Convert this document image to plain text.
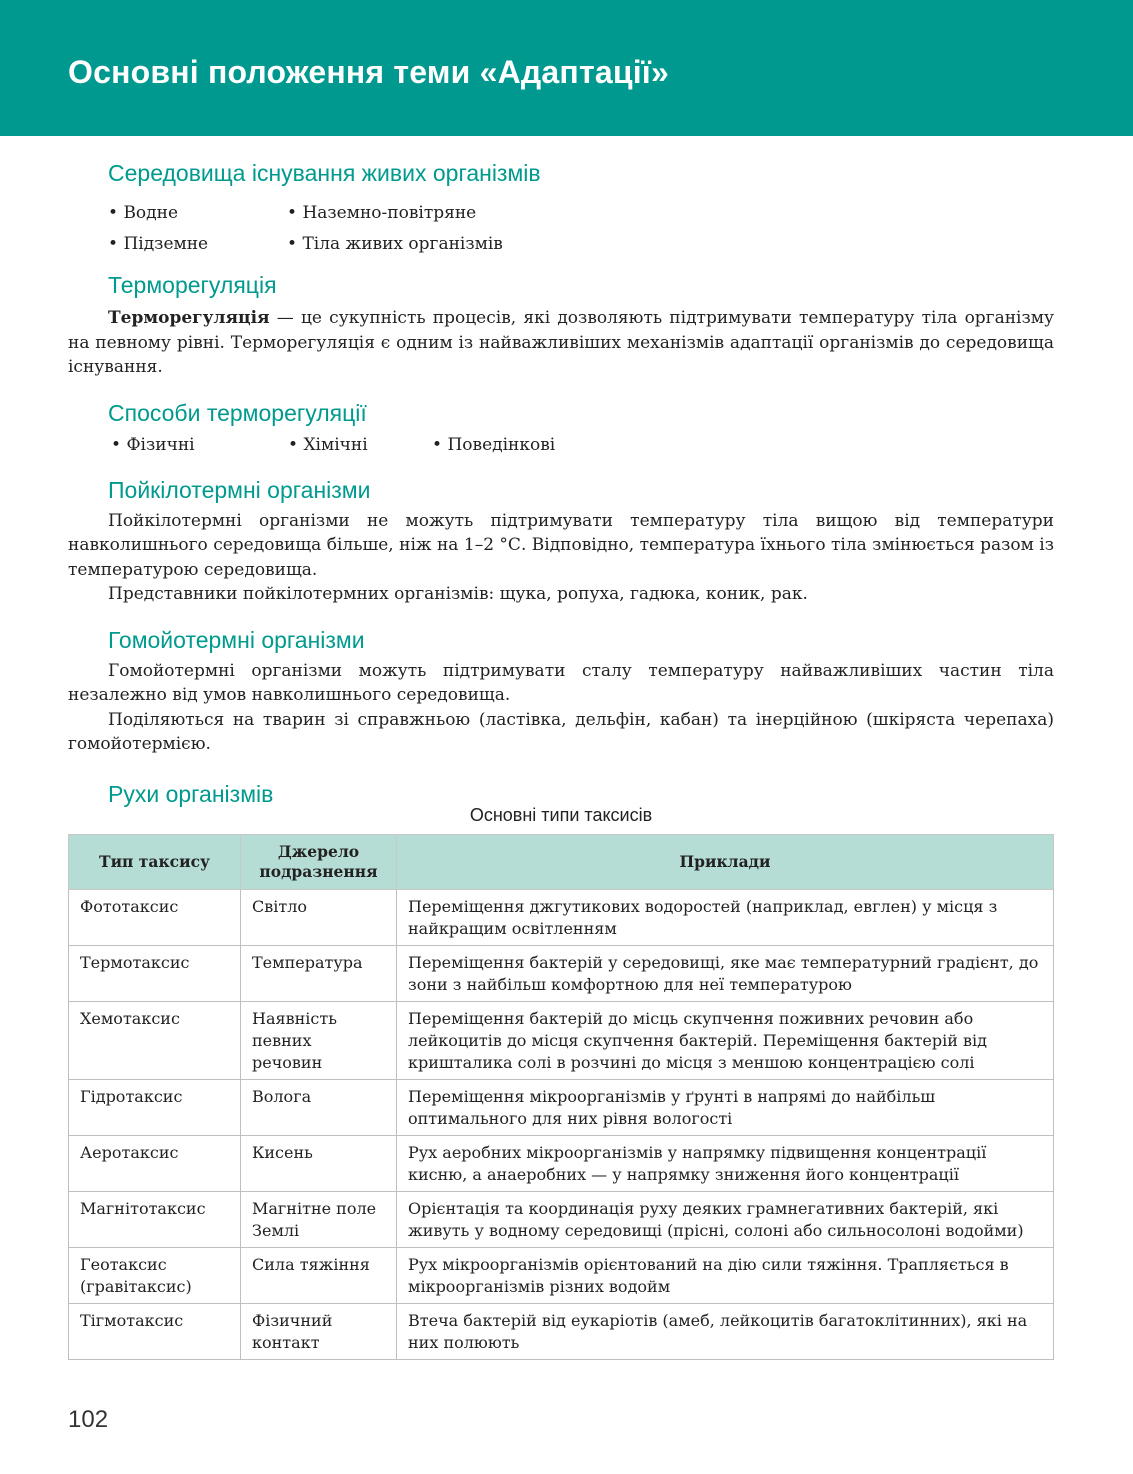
Основні положення теми «Адаптації»
Середовища існування живих організмів
• Водне	• Наземно-повітряне
• Підземне	• Тіла живих організмів
Терморегуляція

Терморегуляція — це сукупність процесів, які дозволяють підтримувати температуру тіла організму на певному рівні. Терморегуляція є одним із найважливіших механізмів адаптації організмів до середовища існування.

Способи терморегуляції
• Фізичні	• Хімічні	• Поведінкові
Пойкілотермні організми

Пойкілотермні організми не можуть підтримувати температуру тіла вищою від температури навколишнього середовища більше, ніж на 1–2 °С. Відповідно, температура їхнього тіла змінюється разом із температурою середовища.

Представники пойкілотермних організмів: щука, ропуха, гадюка, коник, рак.

Гомойотермні організми

Гомойотермні організми можуть підтримувати сталу температуру найважливіших частин тіла незалежно від умов навколишнього середовища.

Поділяються на тварин зі справжньою (ластівка, дельфін, кабан) та інерційною (шкіряста черепаха) гомойотермією.

Рухи організмів

Основні типи таксисів

Тип таксису	Джерело подразнення	Приклади
Фототаксис	Світло	Переміщення джгутикових водоростей (наприклад, евглен) у місця з найкращим освітленням
Термотаксис	Температура	Переміщення бактерій у середовищі, яке має температурний градієнт, до зони з найбільш комфортною для неї температурою
Хемотаксис	Наявність певних речовин	Переміщення бактерій до місць скупчення поживних речовин або лейкоцитів до місця скупчення бактерій. Переміщення бактерій від кришталика солі в розчині до місця з меншою концентрацією солі
Гідротаксис	Волога	Переміщення мікроорганізмів у ґрунті в напрямі до найбільш оптимального для них рівня вологості
Аеротаксис	Кисень	Рух аеробних мікроорганізмів у напрямку підвищення концентрації кисню, а анаеробних — у напрямку зниження його концентрації
Магнітотаксис	Магнітне поле Землі	Орієнтація та координація руху деяких грамнегативних бактерій, які живуть у водному середовищі (прісні, солоні або сильносолоні водойми)
Геотаксис (гравітаксис)	Сила тяжіння	Рух мікроорганізмів орієнтований на дію сили тяжіння. Трапляється в мікроорганізмів різних водойм
Тігмотаксис	Фізичний контакт	Втеча бактерій від еукаріотів (амеб, лейкоцитів багатоклітинних), які на них полюють
102
